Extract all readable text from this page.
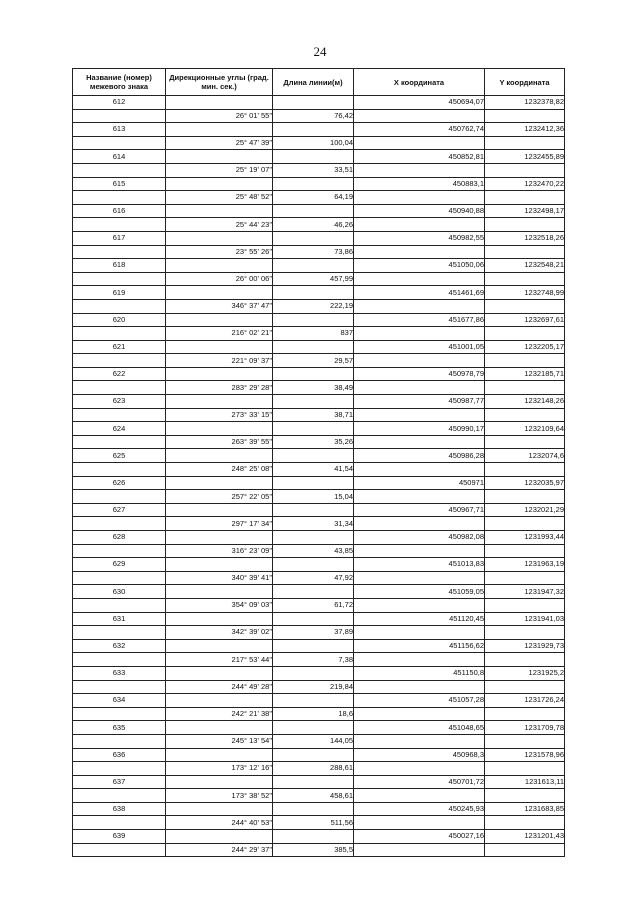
24
Название (номер) межевого знака	Дирекционные углы (град. мин. сек.)	Длина линии(м)	X координата	Y координата
612			450694,07	1232378,82
	26° 01' 55"	76,42		
613			450762,74	1232412,36
	25° 47' 39"	100,04		
614			450852,81	1232455,89
	25° 19' 07"	33,51		
615			450883,1	1232470,22
	25° 48' 52"	64,19		
616			450940,88	1232498,17
	25° 44' 23"	46,26		
617			450982,55	1232518,26
	23° 55' 26"	73,86		
618			451050,06	1232548,21
	26° 00' 06"	457,99		
619			451461,69	1232748,99
	346° 37' 47"	222,19		
620			451677,86	1232697,61
	216° 02' 21"	837		
621			451001,05	1232205,17
	221° 09' 37"	29,57		
622			450978,79	1232185,71
	283° 29' 28"	38,49		
623			450987,77	1232148,26
	273° 33' 15"	38,71		
624			450990,17	1232109,64
	263° 39' 55"	35,26		
625			450986,28	1232074,6
	248° 25' 08"	41,54		
626			450971	1232035,97
	257° 22' 05"	15,04		
627			450967,71	1232021,29
	297° 17' 34"	31,34		
628			450982,08	1231993,44
	316° 23' 09"	43,85		
629			451013,83	1231963,19
	340° 39' 41"	47,92		
630			451059,05	1231947,32
	354° 09' 03"	61,72		
631			451120,45	1231941,03
	342° 39' 02"	37,89		
632			451156,62	1231929,73
	217° 53' 44"	7,38		
633			451150,8	1231925,2
	244° 49' 28"	219,84		
634			451057,28	1231726,24
	242° 21' 38"	18,6		
635			451048,65	1231709,78
	245° 13' 54"	144,05		
636			450968,3	1231578,96
	173° 12' 16"	288,61		
637			450701,72	1231613,11
	173° 38' 52"	458,61		
638			450245,93	1231683,85
	244° 40' 53"	511,56		
639			450027,16	1231201,43
	244° 29' 37"	385,5		
